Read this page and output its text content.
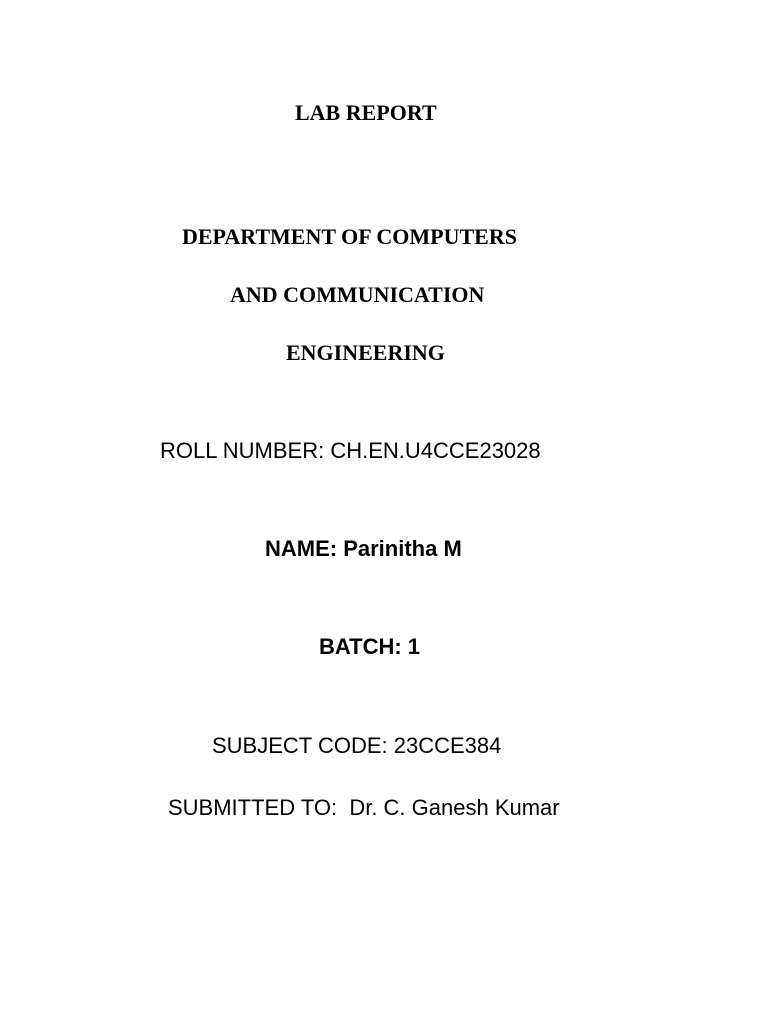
LAB REPORT
DEPARTMENT OF COMPUTERS
AND COMMUNICATION
ENGINEERING
ROLL NUMBER: CH.EN.U4CCE23028
NAME: Parinitha M
BATCH: 1
SUBJECT CODE: 23CCE384
SUBMITTED TO:  Dr. C. Ganesh Kumar
